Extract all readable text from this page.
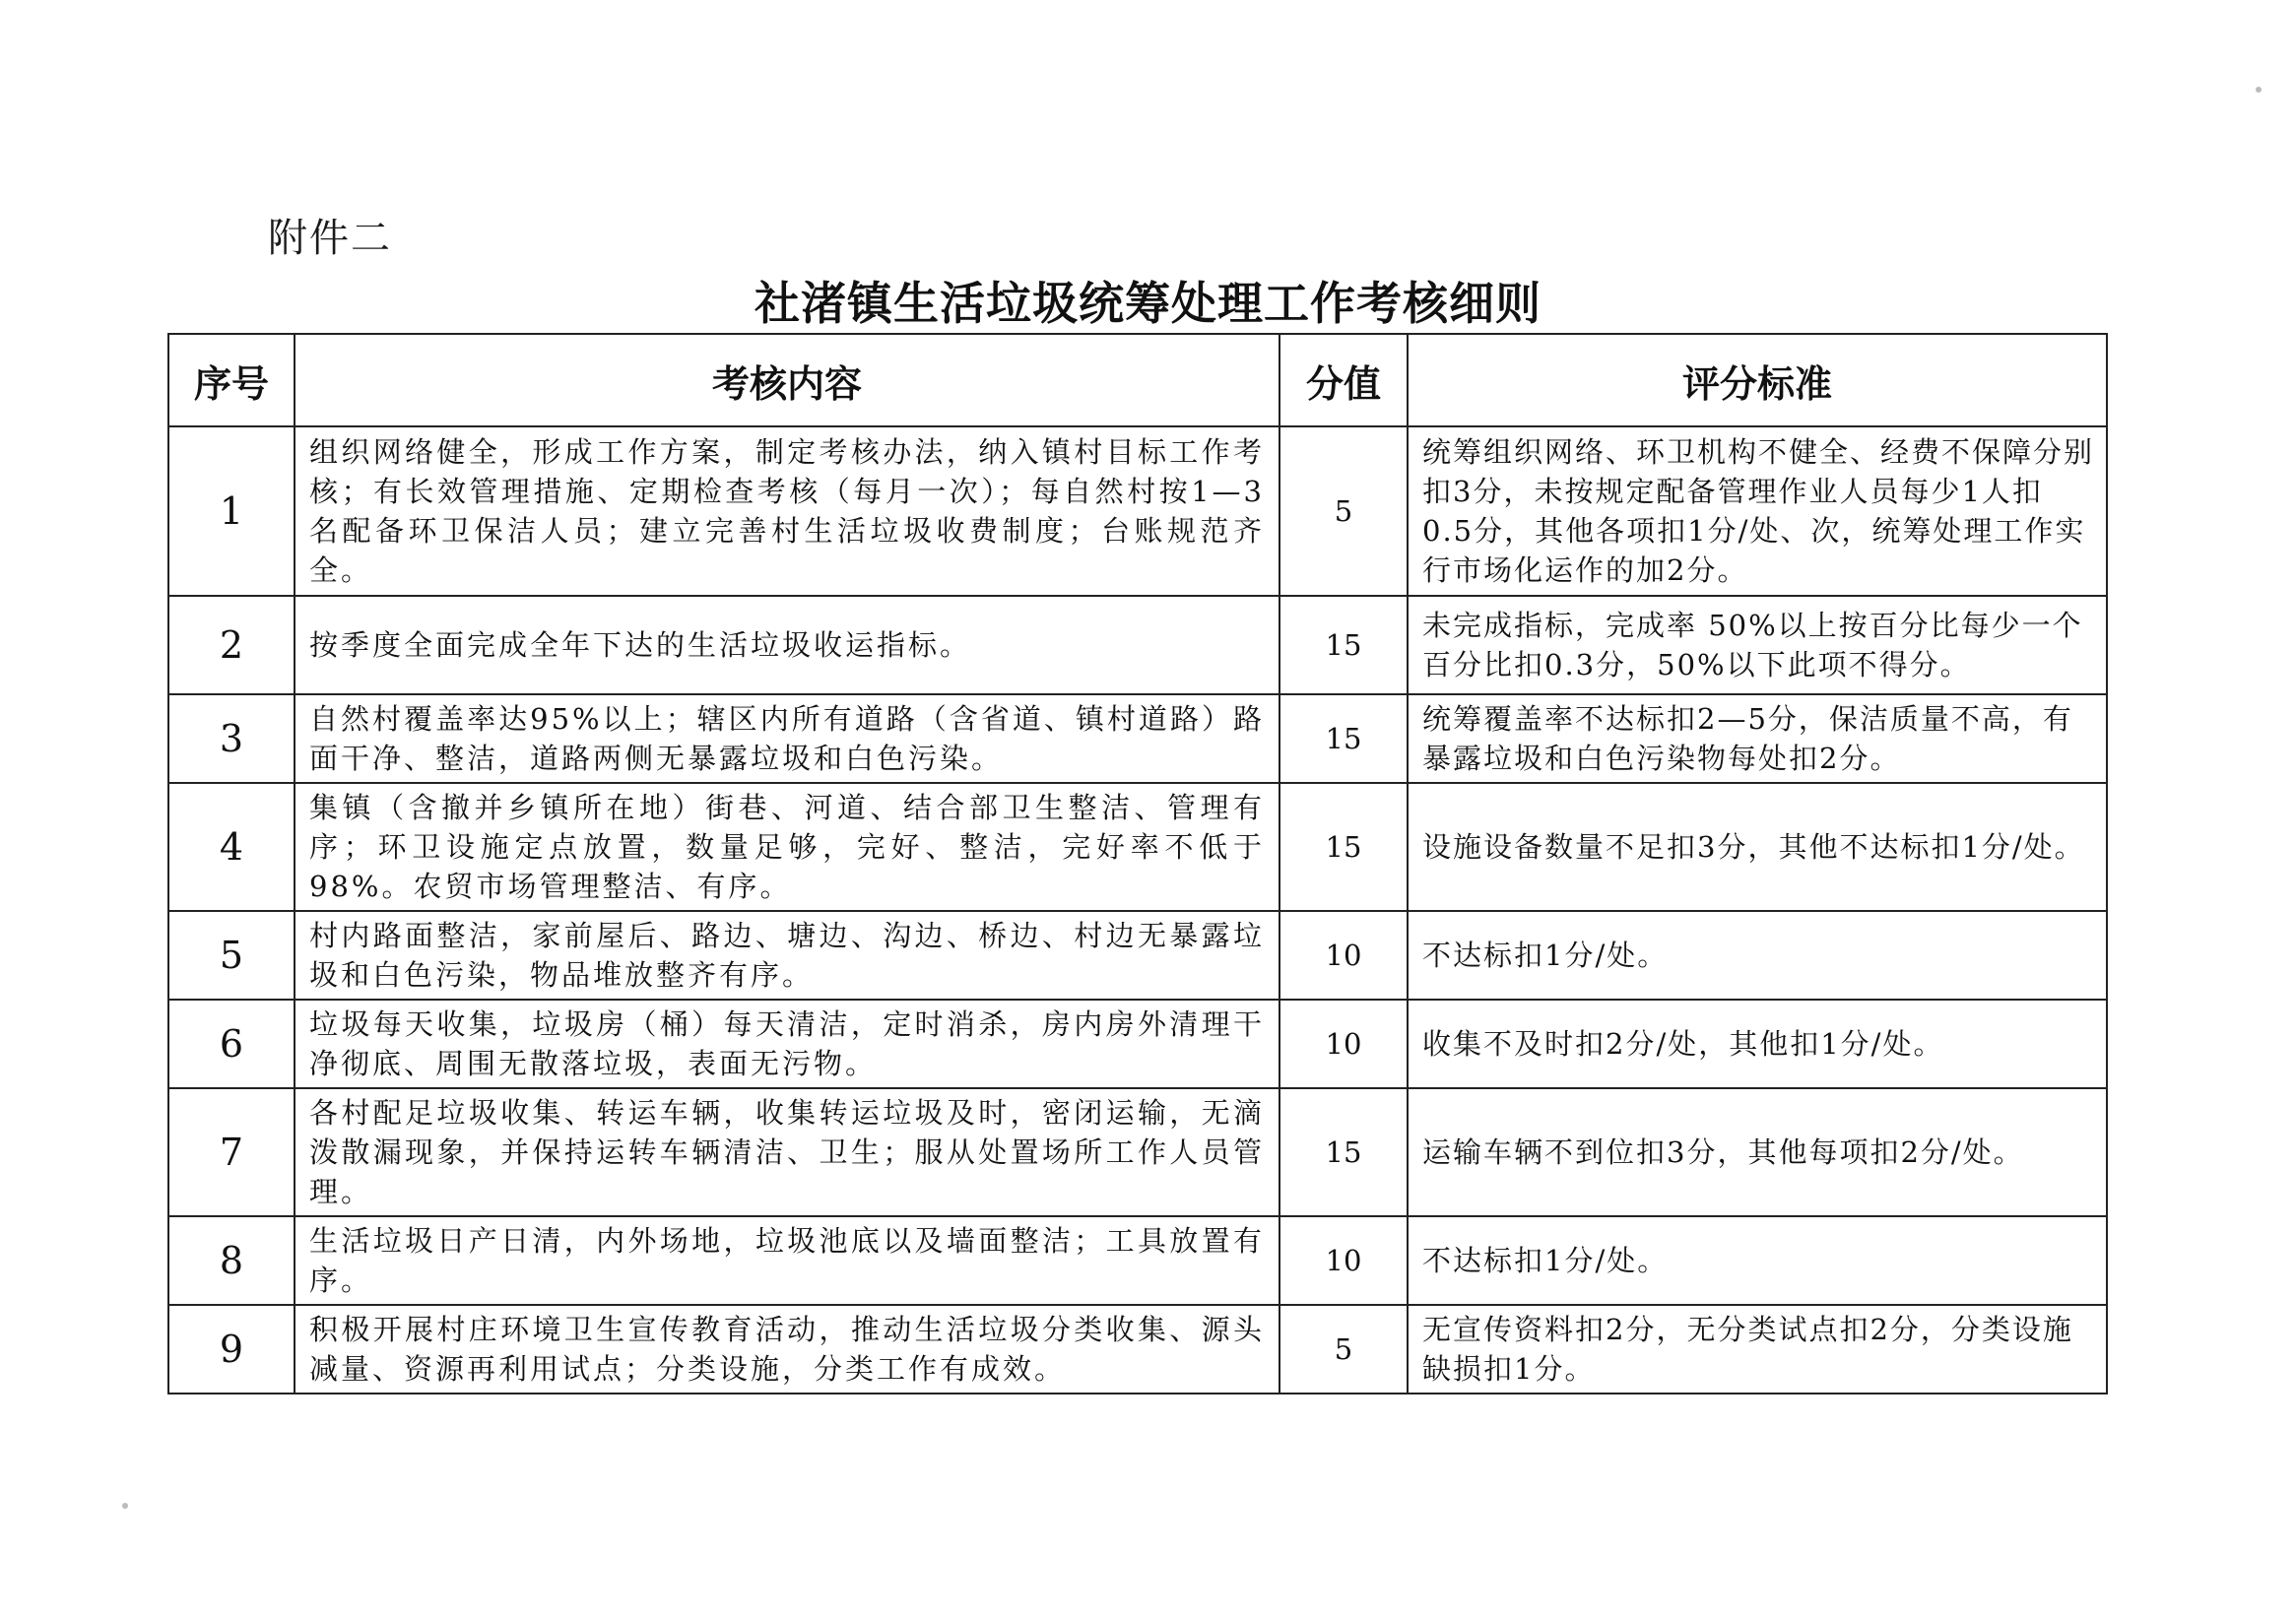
附件二
社渚镇生活垃圾统筹处理工作考核细则
序号	考核内容	分值	评分标准
1	组织网络健全，形成工作方案，制定考核办法，纳入镇村目标工作考核；有长效管理措施、定期检查考核（每月一次）；每自然村按1—3名配备环卫保洁人员；建立完善村生活垃圾收费制度；台账规范齐全。	5	统筹组织网络、环卫机构不健全、经费不保障分别扣3分，未按规定配备管理作业人员每少1人扣0.5分，其他各项扣1分/处、次，统筹处理工作实行市场化运作的加2分。
2	按季度全面完成全年下达的生活垃圾收运指标。	15	未完成指标，完成率 50%以上按百分比每少一个百分比扣0.3分，50%以下此项不得分。
3	自然村覆盖率达95%以上；辖区内所有道路（含省道、镇村道路）路面干净、整洁，道路两侧无暴露垃圾和白色污染。	15	统筹覆盖率不达标扣2—5分，保洁质量不高，有暴露垃圾和白色污染物每处扣2分。
4	集镇（含撤并乡镇所在地）街巷、河道、结合部卫生整洁、管理有序；环卫设施定点放置，数量足够，完好、整洁，完好率不低于98%。农贸市场管理整洁、有序。	15	设施设备数量不足扣3分，其他不达标扣1分/处。
5	村内路面整洁，家前屋后、路边、塘边、沟边、桥边、村边无暴露垃圾和白色污染，物品堆放整齐有序。	10	不达标扣1分/处。
6	垃圾每天收集，垃圾房（桶）每天清洁，定时消杀，房内房外清理干净彻底、周围无散落垃圾，表面无污物。	10	收集不及时扣2分/处，其他扣1分/处。
7	各村配足垃圾收集、转运车辆，收集转运垃圾及时，密闭运输，无滴泼散漏现象，并保持运转车辆清洁、卫生；服从处置场所工作人员管理。	15	运输车辆不到位扣3分，其他每项扣2分/处。
8	生活垃圾日产日清，内外场地，垃圾池底以及墙面整洁；工具放置有序。	10	不达标扣1分/处。
9	积极开展村庄环境卫生宣传教育活动，推动生活垃圾分类收集、源头减量、资源再利用试点；分类设施，分类工作有成效。	5	无宣传资料扣2分，无分类试点扣2分，分类设施缺损扣1分。
